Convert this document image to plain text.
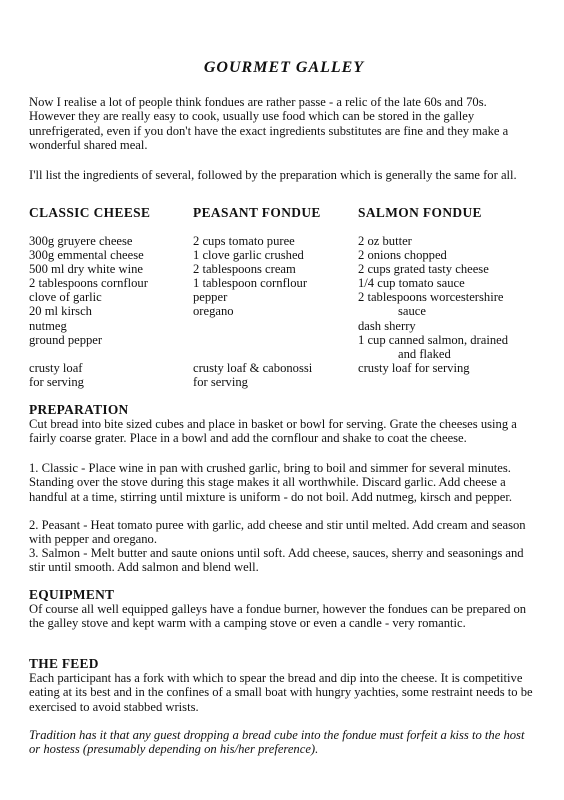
GOURMET GALLEY

Now I realise a lot of people think fondues are rather passe - a relic of the late 60s and 70s. However they are really easy to cook, usually use food which can be stored in the galley unrefrigerated, even if you don't have the exact ingredients substitutes are fine and they make a wonderful shared meal.

I'll list the ingredients of several, followed by the preparation which is generally the same for all.

CLASSIC CHEESE
300g gruyere cheese
300g emmental cheese
500 ml dry white wine
2 tablespoons cornflour
clove of garlic
20 ml kirsch
nutmeg
ground pepper
crusty loaf
for serving
PEASANT FONDUE
2 cups tomato puree
1 clove garlic crushed
2 tablespoons cream
1 tablespoon cornflour
pepper
oregano
crusty loaf & cabonossi
for serving
SALMON FONDUE
2 oz butter
2 onions chopped
2 cups grated tasty cheese
1/4 cup tomato sauce
2 tablespoons worcestershire
sauce
dash sherry
1 cup canned salmon, drained
and flaked
crusty loaf for serving
PREPARATION

Cut bread into bite sized cubes and place in basket or bowl for serving. Grate the cheeses using a fairly coarse grater. Place in a bowl and add the cornflour and shake to coat the cheese.

1. Classic - Place wine in pan with crushed garlic, bring to boil and simmer for several minutes. Standing over the stove during this stage makes it all worthwhile. Discard garlic. Add cheese a handful at a time, stirring until mixture is uniform - do not boil. Add nutmeg, kirsch and pepper.

2. Peasant - Heat tomato puree with garlic, add cheese and stir until melted. Add cream and season with pepper and oregano.

3. Salmon - Melt butter and saute onions until soft. Add cheese, sauces, sherry and seasonings and stir until smooth. Add salmon and blend well.

EQUIPMENT

Of course all well equipped galleys have a fondue burner, however the fondues can be prepared on the galley stove and kept warm with a camping stove or even a candle - very romantic.

THE FEED

Each participant has a fork with which to spear the bread and dip into the cheese. It is competitive eating at its best and in the confines of a small boat with hungry yachties, some restraint needs to be exercised to avoid stabbed wrists.

Tradition has it that any guest dropping a bread cube into the fondue must forfeit a kiss to the host or hostess (presumably depending on his/her preference).
